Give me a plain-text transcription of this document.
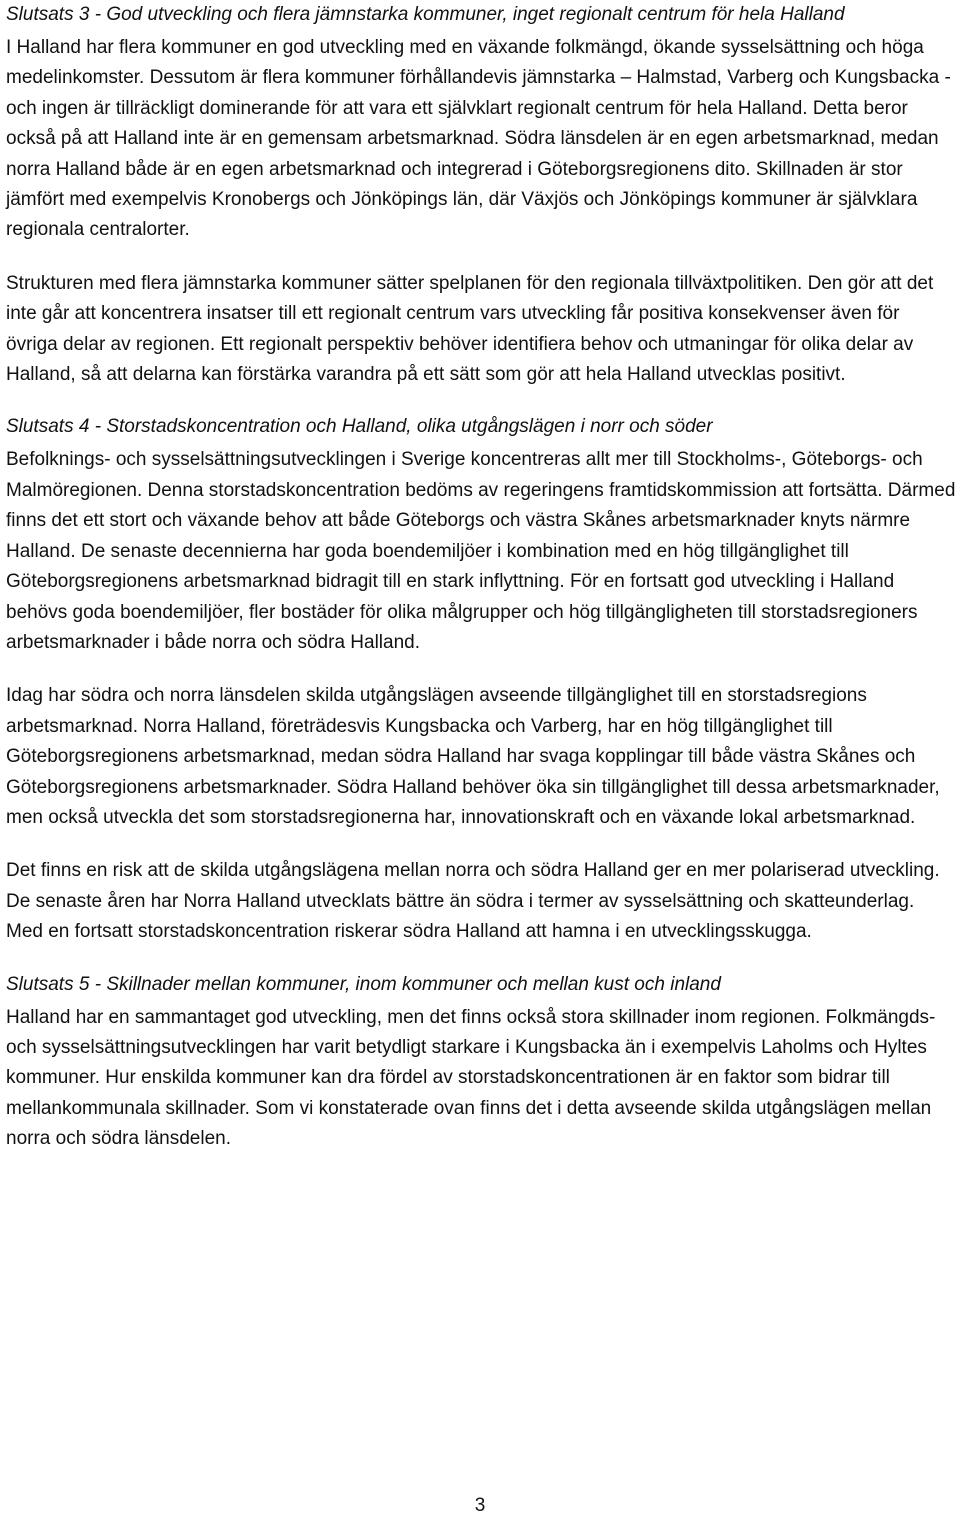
Slutsats 3 - God utveckling och flera jämnstarka kommuner, inget regionalt centrum för hela Halland

I Halland har flera kommuner en god utveckling med en växande folkmängd, ökande sysselsättning och höga medelinkomster. Dessutom är flera kommuner förhållandevis jämnstarka – Halmstad, Varberg och Kungsbacka - och ingen är tillräckligt dominerande för att vara ett självklart regionalt centrum för hela Halland. Detta beror också på att Halland inte är en gemensam arbetsmarknad. Södra länsdelen är en egen arbetsmarknad, medan norra Halland både är en egen arbetsmarknad och integrerad i Göteborgsregionens dito. Skillnaden är stor jämfört med exempelvis Kronobergs och Jönköpings län, där Växjös och Jönköpings kommuner är självklara regionala centralorter.

Strukturen med flera jämnstarka kommuner sätter spelplanen för den regionala tillväxtpolitiken. Den gör att det inte går att koncentrera insatser till ett regionalt centrum vars utveckling får positiva konsekvenser även för övriga delar av regionen. Ett regionalt perspektiv behöver identifiera behov och utmaningar för olika delar av Halland, så att delarna kan förstärka varandra på ett sätt som gör att hela Halland utvecklas positivt.

Slutsats 4 - Storstadskoncentration och Halland, olika utgångslägen i norr och söder

Befolknings- och sysselsättningsutvecklingen i Sverige koncentreras allt mer till Stockholms-, Göteborgs- och Malmöregionen. Denna storstadskoncentration bedöms av regeringens framtidskommission att fortsätta. Därmed finns det ett stort och växande behov att både Göteborgs och västra Skånes arbetsmarknader knyts närmre Halland. De senaste decennierna har goda boendemiljöer i kombination med en hög tillgänglighet till Göteborgsregionens arbetsmarknad bidragit till en stark inflyttning. För en fortsatt god utveckling i Halland behövs goda boendemiljöer, fler bostäder för olika målgrupper och hög tillgängligheten till storstadsregioners arbetsmarknader i både norra och södra Halland.

Idag har södra och norra länsdelen skilda utgångslägen avseende tillgänglighet till en storstadsregions arbetsmarknad. Norra Halland, företrädesvis Kungsbacka och Varberg, har en hög tillgänglighet till Göteborgsregionens arbetsmarknad, medan södra Halland har svaga kopplingar till både västra Skånes och Göteborgsregionens arbetsmarknader. Södra Halland behöver öka sin tillgänglighet till dessa arbetsmarknader, men också utveckla det som storstadsregionerna har, innovationskraft och en växande lokal arbetsmarknad.

Det finns en risk att de skilda utgångslägena mellan norra och södra Halland ger en mer polariserad utveckling. De senaste åren har Norra Halland utvecklats bättre än södra i termer av sysselsättning och skatteunderlag. Med en fortsatt storstadskoncentration riskerar södra Halland att hamna i en utvecklingsskugga.

Slutsats 5 - Skillnader mellan kommuner, inom kommuner och mellan kust och inland

Halland har en sammantaget god utveckling, men det finns också stora skillnader inom regionen. Folkmängds- och sysselsättningsutvecklingen har varit betydligt starkare i Kungsbacka än i exempelvis Laholms och Hyltes kommuner. Hur enskilda kommuner kan dra fördel av storstadskoncentrationen är en faktor som bidrar till mellankommunala skillnader. Som vi konstaterade ovan finns det i detta avseende skilda utgångslägen mellan norra och södra länsdelen.

3
